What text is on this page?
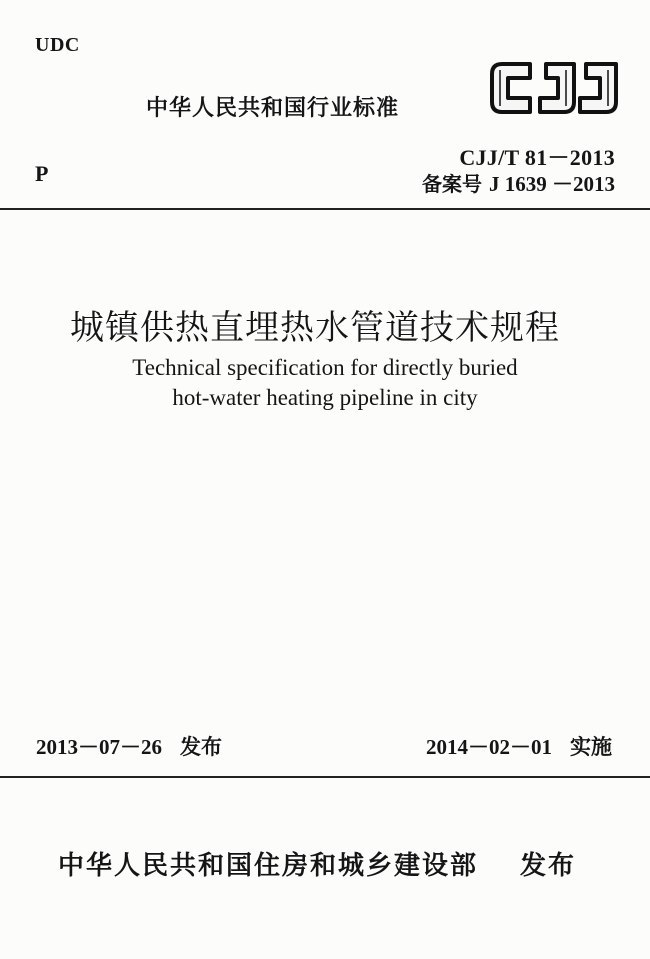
UDC
中华人民共和国行业标准
CJJ/T 81－2013
备案号 J 1639 －2013
P
城镇供热直埋热水管道技术规程
Technical specification for directly buried
hot-water heating pipeline in city
2013－07－26 发布	2014－02－01 实施
中华人民共和国住房和城乡建设部 发布
